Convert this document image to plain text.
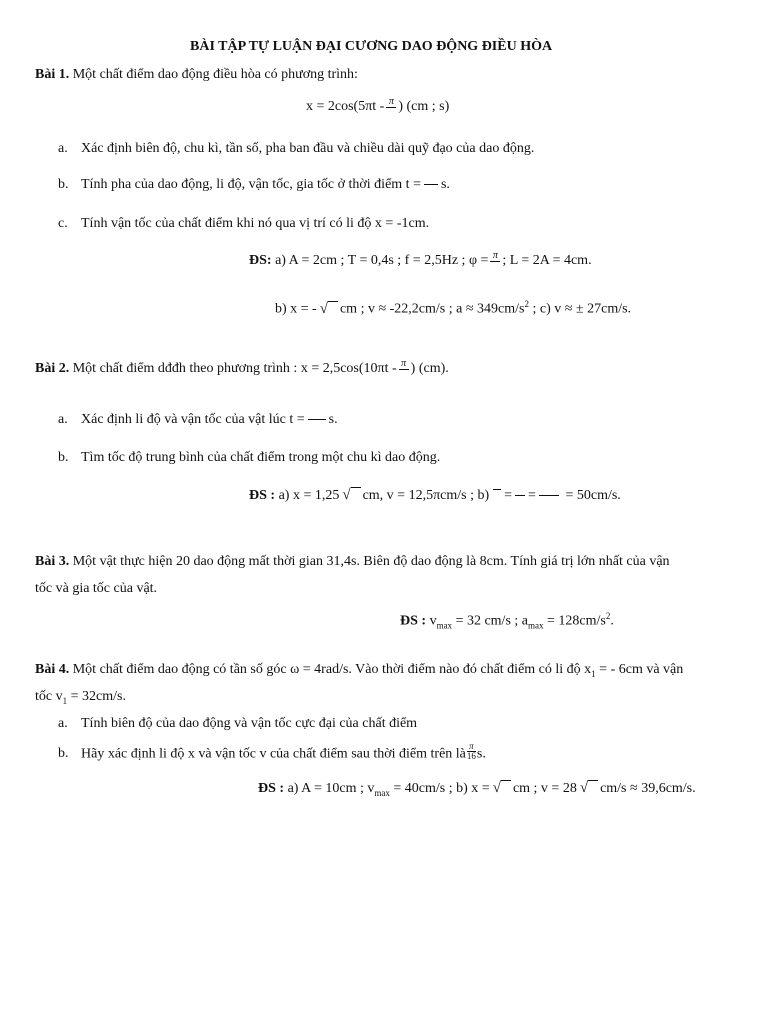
BÀI TẬP TỰ LUẬN ĐẠI CƯƠNG DAO ĐỘNG ĐIỀU HÒA
Bài 1. Một chất điểm dao động điều hòa có phương trình:
x = 2cos(5πt - π ) (cm ; s)
a. Xác định biên độ, chu kì, tần số, pha ban đầu và chiều dài quỹ đạo của dao động.
b. Tính pha của dao động, li độ, vận tốc, gia tốc ở thời điểm t = s.
c. Tính vận tốc của chất điểm khi nó qua vị trí có li độ x = -1cm.
ĐS: a) A = 2cm ; T = 0,4s ; f = 2,5Hz ; φ = π ; L = 2A = 4cm.
b) x = - √ cm ; v ≈ -22,2cm/s ; $a \approx 349cm/s^2$ ; c) v ≈ ± 27cm/s.
Bài 2. Một chất điểm dđđh theo phương trình : x = 2,5cos(10πt - π ) (cm).
a. Xác định li độ và vận tốc của vật lúc t = s.
b. Tìm tốc độ trung bình của chất điểm trong một chu kì dao động.
ĐS : a) x = 1,25 √ cm, v = 12,5πcm/s ; b) = = = 50cm/s.
Bài 3. Một vật thực hiện 20 dao động mất thời gian 31,4s. Biên độ dao động là 8cm. Tính giá trị lớn nhất của vận
tốc và gia tốc của vật.
ĐS : $v_{max} = 32$ cm/s ; $a_{max} = 128cm/s^2$.
Bài 4. Một chất điểm dao động có tần số góc ω = 4rad/s. Vào thời điểm nào đó chất điểm có li độ $x_1$ = - 6cm và vận
tốc $v_1 = 32cm/s$.
a. Tính biên độ của dao động và vận tốc cực đại của chất điểm
b. Hãy xác định li độ x và vận tốc v của chất điểm sau thời điểm trên là $\frac{\pi}{16} s$.
ĐS : a) A = 10cm ; $v_{max} = 40cm/s$ ; b) x = √ cm ; v = 28 √ cm/s ≈ 39,6cm/s.
